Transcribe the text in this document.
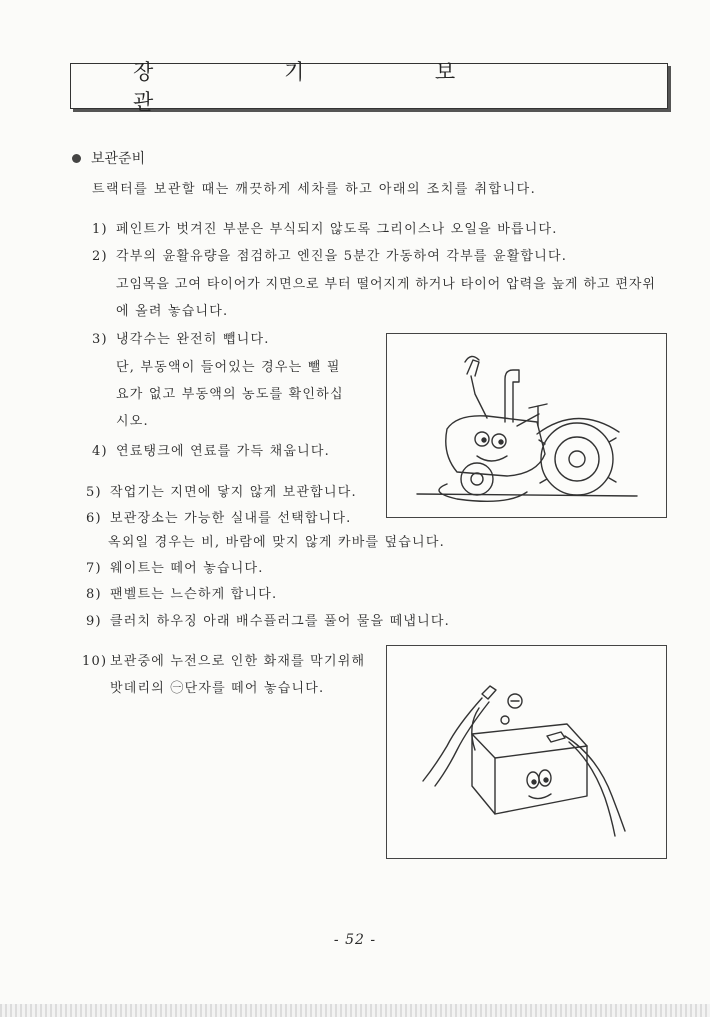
장 기 보 관
보관준비
트랙터를 보관할 때는 깨끗하게 세차를 하고 아래의 조치를 취합니다.
1) 페인트가 벗겨진 부분은 부식되지 않도록 그리이스나 오일을 바릅니다.
2) 각부의 윤활유량을 점검하고 엔진을 5분간 가동하여 각부를 윤활합니다.
고임목을 고여 타이어가 지면으로 부터 떨어지게 하거나 타이어 압력을 높게 하고 편자위
에 올려 놓습니다.
3) 냉각수는 완전히 뺍니다.
단, 부동액이 들어있는 경우는 뺄 필
요가 없고 부동액의 농도를 확인하십
시오.
4) 연료탱크에 연료를 가득 채웁니다.
5) 작업기는 지면에 닿지 않게 보관합니다.
6) 보관장소는 가능한 실내를 선택합니다.
옥외일 경우는 비, 바람에 맞지 않게 카바를 덮습니다.
7) 웨이트는 떼어 놓습니다.
8) 팬벨트는 느슨하게 합니다.
9) 클러치 하우징 아래 배수플러그를 풀어 물을 떼냅니다.
10) 보관중에 누전으로 인한 화재를 막기위해
밧데리의 ㊀단자를 떼어 놓습니다.
- 52 -
